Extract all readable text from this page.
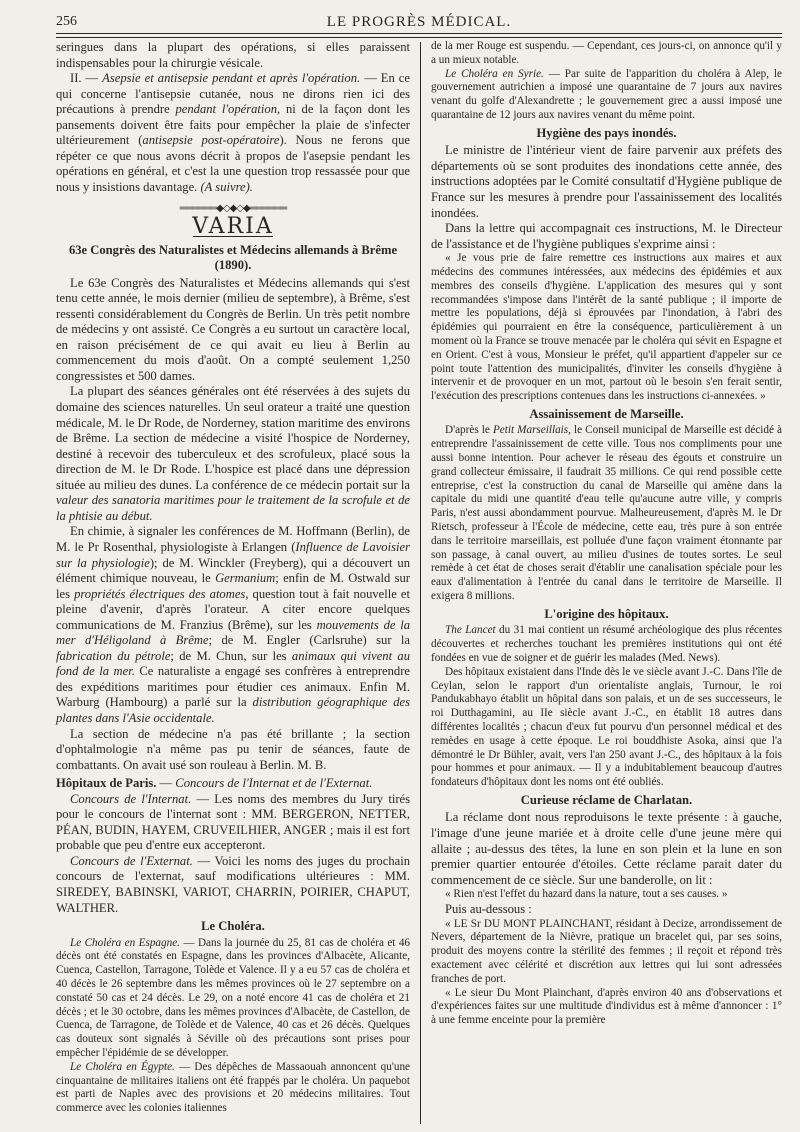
256	LE PROGRÈS MÉDICAL.

seringues dans la plupart des opérations, si elles paraissent indispensables pour la chirurgie vésicale.

II. — Asepsie et antisepsie pendant et après l'opération. — En ce qui concerne l'antisepsie cutanée, nous ne dirons rien ici des précautions à prendre pendant l'opération, ni de la façon dont les pansements doivent être faits pour empêcher la plaie de s'infecter ultérieurement (antisepsie post-opératoire). Nous ne ferons que répéter ce que nous avons décrit à propos de l'asepsie pendant les opérations en général, et c'est la une question trop ressassée pour que nous y insistions davantage. (A suivre).

══════◆◇◆◇◆══════
VARIA
63e Congrès des Naturalistes et Médecins allemands à Brême (1890).

Le 63e Congrès des Naturalistes et Médecins allemands qui s'est tenu cette année, le mois dernier (milieu de septembre), à Brême, s'est ressenti considérablement du Congrès de Berlin. Un très petit nombre de médecins y ont assisté. Ce Congrès a eu surtout un caractère local, en raison précisément de ce qui avait eu lieu à Berlin au commencement du mois d'août. On a compté seulement 1,250 congressistes et 500 dames.

La plupart des séances générales ont été réservées à des sujets du domaine des sciences naturelles. Un seul orateur a traité une question médicale, M. le Dr Rode, de Norderney, station maritime des environs de Brême. La section de médecine a visité l'hospice de Norderney, destiné à recevoir des tuberculeux et des scrofuleux, placé sous la direction de M. le Dr Rode. L'hospice est placé dans une dépression située au milieu des dunes. La conférence de ce médecin portait sur la valeur des sanatoria maritimes pour le traitement de la scrofule et de la phtisie au début.

En chimie, à signaler les conférences de M. Hoffmann (Berlin), de M. le Pr Rosenthal, physiologiste à Erlangen (Influence de Lavoisier sur la physiologie); de M. Winckler (Freyberg), qui a découvert un élément chimique nouveau, le Germanium; enfin de M. Ostwald sur les propriétés électriques des atomes, question tout à fait nouvelle et pleine d'avenir, d'après l'orateur. A citer encore quelques communications de M. Franzius (Brême), sur les mouvements de la mer d'Héligoland à Brême; de M. Engler (Carlsruhe) sur la fabrication du pétrole; de M. Chun, sur les animaux qui vivent au fond de la mer. Ce naturaliste a engagé ses confrères à entreprendre des expéditions maritimes pour étudier ces animaux. Enfin M. Warburg (Hambourg) a parlé sur la distribution géographique des plantes dans l'Asie occidentale.

La section de médecine n'a pas été brillante ; la section d'ophtalmologie n'a même pas pu tenir de séances, faute de combattants. On avait usé son rouleau à Berlin. M. B.

Hôpitaux de Paris. — Concours de l'Internat et de l'Externat.

Concours de l'Internat. — Les noms des membres du Jury tirés pour le concours de l'internat sont : MM. BERGERON, NETTER, PÉAN, BUDIN, HAYEM, CRUVEILHIER, ANGER ; mais il est fort probable que peu d'entre eux accepteront.

Concours de l'Externat. — Voici les noms des juges du prochain concours de l'externat, sauf modifications ultérieures : MM. SIREDEY, BABINSKI, VARIOT, CHARRIN, POIRIER, CHAPUT, WALTHER.

Le Choléra.

Le Choléra en Espagne. — Dans la journée du 25, 81 cas de choléra et 46 décès ont été constatés en Espagne, dans les provinces d'Albacète, Alicante, Cuenca, Castellon, Tarragone, Tolède et Valence. Il y a eu 57 cas de choléra et 40 décès le 26 septembre dans les mêmes provinces où le 27 septembre on a constaté 50 cas et 24 décès. Le 29, on a noté encore 41 cas de choléra et 21 décès ; et le 30 octobre, dans les mêmes provinces d'Albacète, de Castellon, de Cuenca, de Tarragone, de Tolède et de Valence, 40 cas et 26 décès. Quelques cas douteux sont signalés à Séville où des précautions sont prises pour empêcher l'épidémie de se développer.

Le Choléra en Égypte. — Des dépêches de Massaouah annoncent qu'une cinquantaine de militaires italiens ont été frappés par le choléra. Un paquebot est parti de Naples avec des provisions et 20 médecins militaires. Tout commerce avec les colonies italiennes

de la mer Rouge est suspendu. — Cependant, ces jours-ci, on annonce qu'il y a un mieux notable.

Le Choléra en Syrie. — Par suite de l'apparition du choléra à Alep, le gouvernement autrichien a imposé une quarantaine de 7 jours aux navires venant du golfe d'Alexandrette ; le gouvernement grec a aussi imposé une quarantaine de 12 jours aux navires venant du même point.

Hygiène des pays inondés.

Le ministre de l'intérieur vient de faire parvenir aux préfets des départements où se sont produites des inondations cette année, des instructions adoptées par le Comité consultatif d'Hygiène publique de France sur les mesures à prendre pour l'assainissement des localités inondées.

Dans la lettre qui accompagnait ces instructions, M. le Directeur de l'assistance et de l'hygiène publiques s'exprime ainsi :

« Je vous prie de faire remettre ces instructions aux maires et aux médecins des communes intéressées, aux médecins des épidémies et aux membres des conseils d'hygiène. L'application des mesures qui y sont recommandées s'impose dans l'intérêt de la santé publique ; il importe de mettre les populations, déjà si éprouvées par l'inondation, à l'abri des épidémies qui pourraient en être la conséquence, particulièrement à un moment où la France se trouve menacée par le choléra qui sévit en Espagne et en Orient. C'est à vous, Monsieur le préfet, qu'il appartient d'appeler sur ce point toute l'attention des municipalités, d'inviter les conseils d'hygiène à intervenir et de provoquer en un mot, partout où le besoin s'en ferait sentir, l'exécution des prescriptions contenues dans les instructions ci-annexées. »

Assainissement de Marseille.

D'après le Petit Marseillais, le Conseil municipal de Marseille est décidé à entreprendre l'assainissement de cette ville. Tous nos compliments pour une aussi bonne intention. Pour achever le réseau des égouts et construire un grand collecteur émissaire, il faudrait 35 millions. Ce qui rend possible cette entreprise, c'est la construction du canal de Marseille qui amène dans la capitale du midi une quantité d'eau telle qu'aucune autre ville, y compris Paris, n'est aussi abondamment pourvue. Malheureusement, d'après M. le Dr Rietsch, professeur à l'École de médecine, cette eau, très pure à son entrée dans le territoire marseillais, est polluée d'une façon vraiment étonnante par son passage, à canal ouvert, au milieu d'usines de toutes sortes. Le seul remède à cet état de choses serait d'établir une canalisation spéciale pour les eaux d'alimentation à l'entrée du canal dans le territoire de Marseille. Il exigera 8 millions.

L'origine des hôpitaux.

The Lancet du 31 mai contient un résumé archéologique des plus récentes découvertes et recherches touchant les premières institutions qui ont été fondées en vue de soigner et de guérir les malades (Med. News).

Des hôpitaux existaient dans l'Inde dès le ve siècle avant J.-C. Dans l'île de Ceylan, selon le rapport d'un orientaliste anglais, Turnour, le roi Pandukabhayo établit un hôpital dans son palais, et un de ses successeurs, le roi Dutthagamini, au IIe siècle avant J.-C., en établit 18 autres dans différentes localités ; chacun d'eux fut pourvu d'un personnel médical et des remèdes en usage à cette époque. Le roi bouddhiste Asoka, ainsi que l'a démontré le Dr Bühler, avait, vers l'an 250 avant J.-C., des hôpitaux à la fois pour hommes et pour animaux. — Il y a indubitablement beaucoup d'autres fondateurs d'hôpitaux dont les noms ont été oubliés.

Curieuse réclame de Charlatan.

La réclame dont nous reproduisons le texte présente : à gauche, l'image d'une jeune mariée et à droite celle d'une jeune mère qui allaite ; au-dessus des têtes, la lune en son plein et la lune en son premier quartier entourée d'étoiles. Cette réclame parait dater du commencement de ce siècle. Sur une banderolle, on lit :

« Rien n'est l'effet du hazard dans la nature, tout a ses causes. »

Puis au-dessous :

« LE Sr DU MONT PLAINCHANT, résidant à Decize, arrondissement de Nevers, département de la Nièvre, pratique un bracelet qui, par ses soins, produit des moyens contre la stérilité des femmes ; il reçoit et répond très exactement avec célérité et discrétion aux lettres qui lui sont adressées franches de port.

« Le sieur Du Mont Plainchant, d'après environ 40 ans d'observations et d'expériences faites sur une multitude d'individus est à même d'annoncer : 1° à une femme enceinte pour la première
